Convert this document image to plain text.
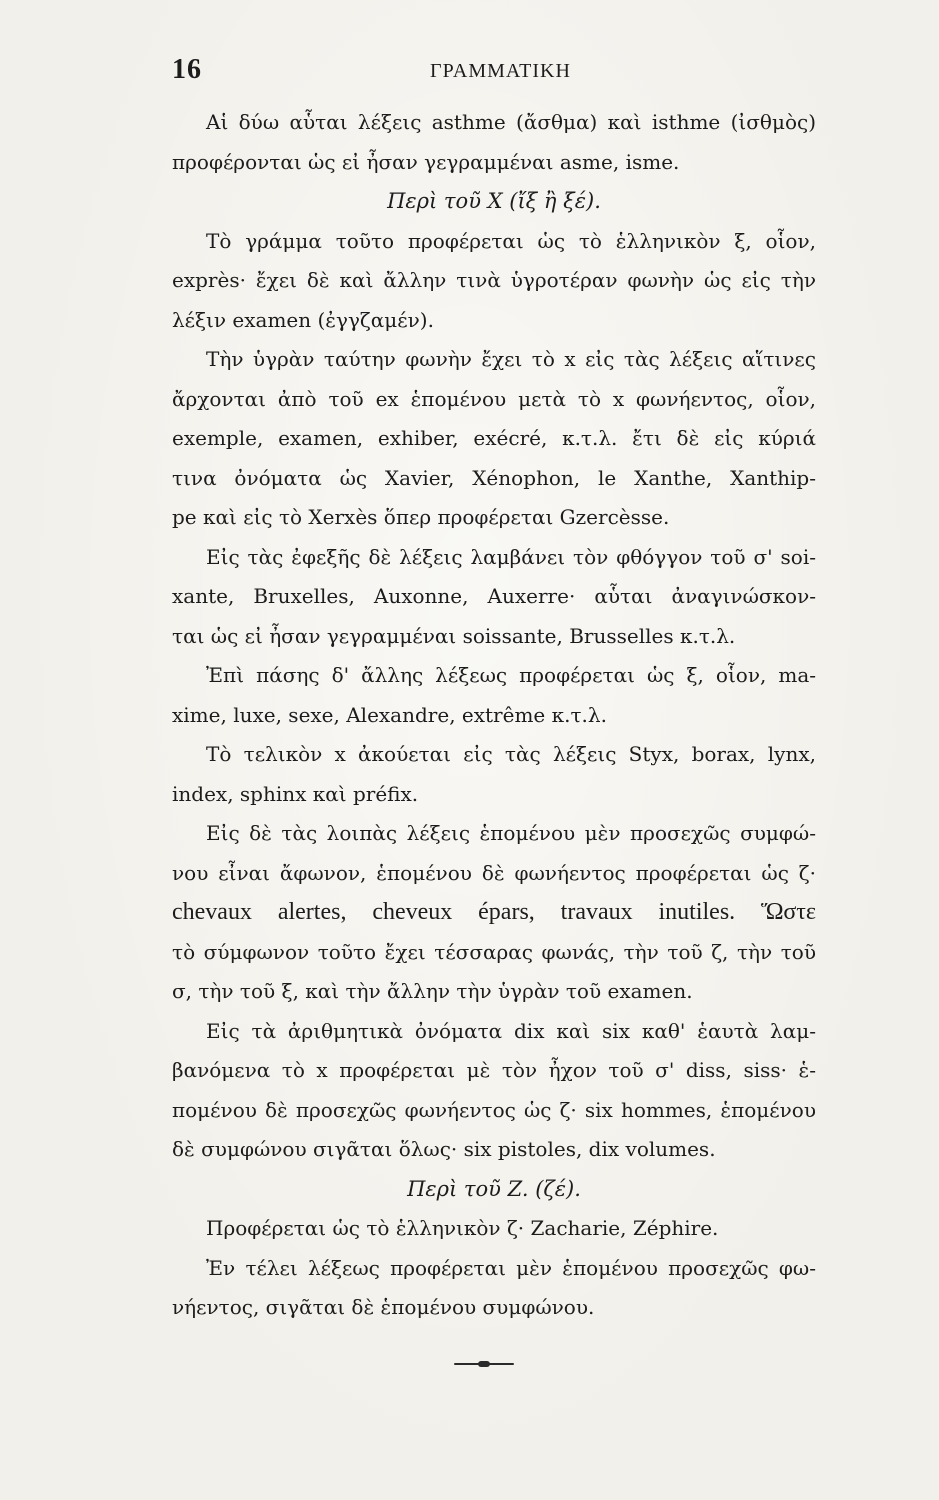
16	ΓΡΑΜΜΑΤΙΚΗ
Αἱ δύω αὗται λέξεις asthme (ἄσθμα) καὶ isthme (ἰσθμὸς)
προφέρονται ὡς εἰ ἦσαν γεγραμμέναι asme, isme.
Περὶ τοῦ X (ἴξ ἢ ξέ).
Τὸ γράμμα τοῦτο προφέρεται ὡς τὸ ἑλληνικὸν ξ, οἷον,
exprès· ἔχει δὲ καὶ ἄλλην τινὰ ὑγροτέραν φωνὴν ὡς εἰς τὴν
λέξιν examen (ἐγγζαμέν).
Τὴν ὑγρὰν ταύτην φωνὴν ἔχει τὸ x εἰς τὰς λέξεις αἵτινες
ἄρχονται ἀπὸ τοῦ ex ἑπομένου μετὰ τὸ x φωνήεντος, οἷον,
exemple, examen, exhiber, exécré, κ.τ.λ. ἔτι δὲ εἰς κύριά
τινα ὀνόματα ὡς Xavier, Xénophon, le Xanthe, Xanthip-
pe καὶ εἰς τὸ Xerxès ὅπερ προφέρεται Gzercèsse.
Εἰς τὰς ἐφεξῆς δὲ λέξεις λαμβάνει τὸν φθόγγον τοῦ σ' soi-
xante, Bruxelles, Auxonne, Auxerre· αὗται ἀναγινώσκον-
ται ὡς εἰ ἦσαν γεγραμμέναι soissante, Brusselles κ.τ.λ.
Ἐπὶ πάσης δ' ἄλλης λέξεως προφέρεται ὡς ξ, οἷον, ma-
xime, luxe, sexe, Alexandre, extrême κ.τ.λ.
Τὸ τελικὸν x ἀκούεται εἰς τὰς λέξεις Styx, borax, lynx,
index, sphinx καὶ préfix.
Εἰς δὲ τὰς λοιπὰς λέξεις ἑπομένου μὲν προσεχῶς συμφώ-
νου εἶναι ἄφωνον, ἑπομένου δὲ φωνήεντος προφέρεται ὡς ζ·
chevaux alertes, cheveux épars, travaux inutiles. Ὥστε
τὸ σύμφωνον τοῦτο ἔχει τέσσαρας φωνάς, τὴν τοῦ ζ, τὴν τοῦ
σ, τὴν τοῦ ξ, καὶ τὴν ἄλλην τὴν ὑγρὰν τοῦ examen.
Εἰς τὰ ἀριθμητικὰ ὀνόματα dix καὶ six καθ' ἑαυτὰ λαμ-
βανόμενα τὸ x προφέρεται μὲ τὸν ἦχον τοῦ σ' diss, siss· ἑ-
πομένου δὲ προσεχῶς φωνήεντος ὡς ζ· six hommes, ἑπομένου
δὲ συμφώνου σιγᾶται ὅλως· six pistoles, dix volumes.
Περὶ τοῦ Z. (ζέ).
Προφέρεται ὡς τὸ ἑλληνικὸν ζ· Zacharie, Zéphire.
Ἐν τέλει λέξεως προφέρεται μὲν ἑπομένου προσεχῶς φω-
νήεντος, σιγᾶται δὲ ἑπομένου συμφώνου.
